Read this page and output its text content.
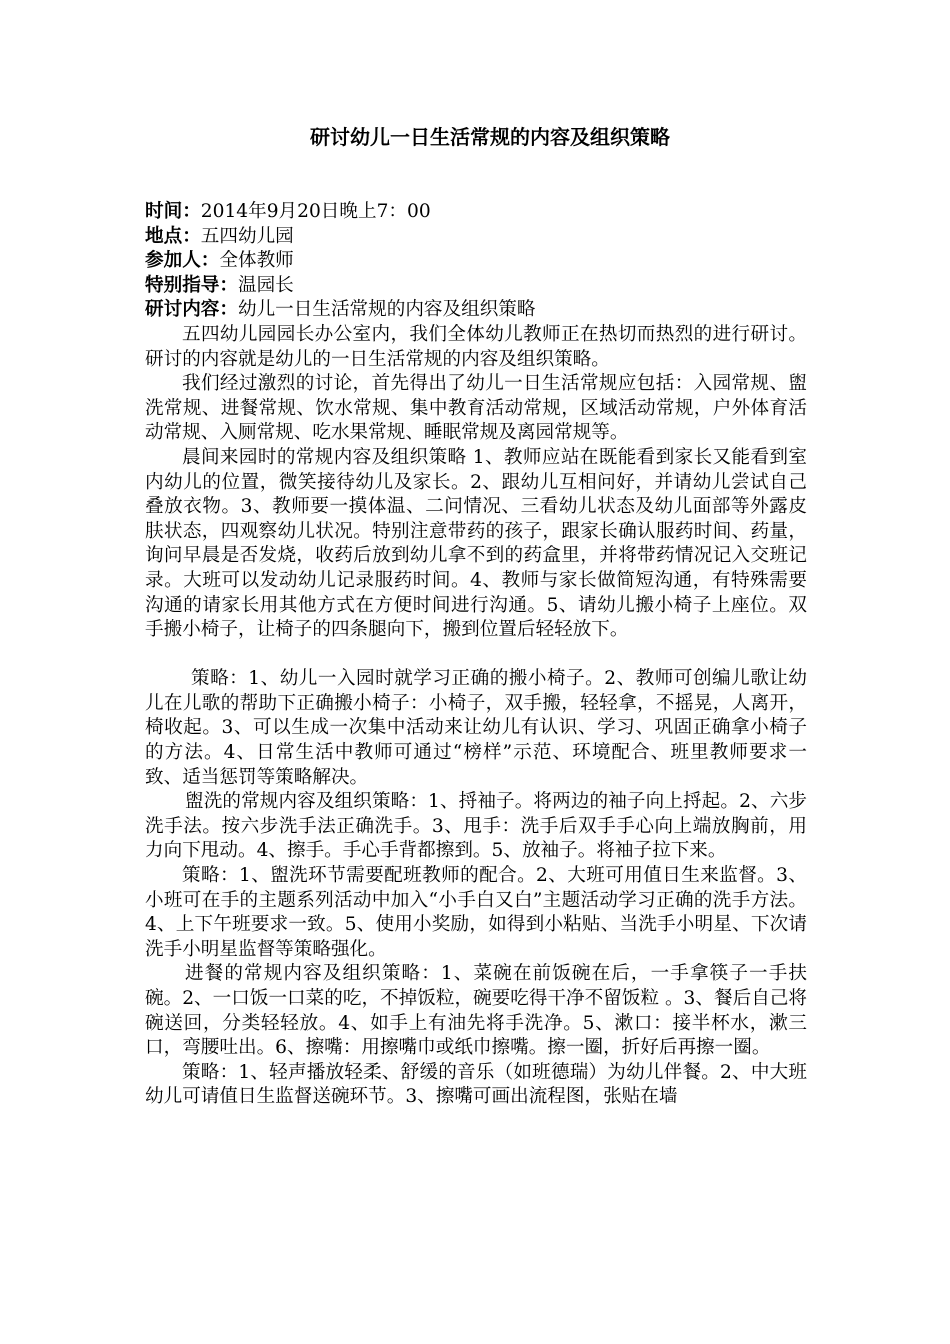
研讨幼儿一日生活常规的内容及组织策略

时间：2014年9月20日晚上7：00

地点：五四幼儿园

参加人：全体教师

特别指导：温园长

研讨内容：幼儿一日生活常规的内容及组织策略

五四幼儿园园长办公室内，我们全体幼儿教师正在热切而热烈的进行研讨。研讨的内容就是幼儿的一日生活常规的内容及组织策略。

我们经过激烈的讨论，首先得出了幼儿一日生活常规应包括：入园常规、盥洗常规、进餐常规、饮水常规、集中教育活动常规，区域活动常规，户外体育活动常规、入厕常规、吃水果常规、睡眠常规及离园常规等。

晨间来园时的常规内容及组织策略 1、教师应站在既能看到家长又能看到室内幼儿的位置，微笑接待幼儿及家长。2、跟幼儿互相问好，并请幼儿尝试自己叠放衣物。3、教师要一摸体温、二问情况、三看幼儿状态及幼儿面部等外露皮肤状态，四观察幼儿状况。特别注意带药的孩子，跟家长确认服药时间、药量，询问早晨是否发烧，收药后放到幼儿拿不到的药盒里，并将带药情况记入交班记录。大班可以发动幼儿记录服药时间。4、教师与家长做简短沟通，有特殊需要沟通的请家长用其他方式在方便时间进行沟通。5、请幼儿搬小椅子上座位。双手搬小椅子，让椅子的四条腿向下，搬到位置后轻轻放下。

策略：1、幼儿一入园时就学习正确的搬小椅子。2、教师可创编儿歌让幼儿在儿歌的帮助下正确搬小椅子：小椅子，双手搬，轻轻拿，不摇晃，人离开，椅收起。3、可以生成一次集中活动来让幼儿有认识、学习、巩固正确拿小椅子的方法。4、日常生活中教师可通过“榜样”示范、环境配合、班里教师要求一致、适当惩罚等策略解决。

盥洗的常规内容及组织策略：1、捋袖子。将两边的袖子向上捋起。2、六步洗手法。按六步洗手法正确洗手。3、甩手：洗手后双手手心向上端放胸前，用力向下甩动。4、擦手。手心手背都擦到。5、放袖子。将袖子拉下来。

策略：1、盥洗环节需要配班教师的配合。2、大班可用值日生来监督。3、小班可在手的主题系列活动中加入“小手白又白”主题活动学习正确的洗手方法。4、上下午班要求一致。5、使用小奖励，如得到小粘贴、当洗手小明星、下次请洗手小明星监督等策略强化。

进餐的常规内容及组织策略：1、菜碗在前饭碗在后，一手拿筷子一手扶碗。2、一口饭一口菜的吃，不掉饭粒，碗要吃得干净不留饭粒 。3、餐后自己将碗送回，分类轻轻放。4、如手上有油先将手洗净。5、漱口：接半杯水，漱三口，弯腰吐出。6、擦嘴：用擦嘴巾或纸巾擦嘴。擦一圈，折好后再擦一圈。

策略：1、轻声播放轻柔、舒缓的音乐（如班德瑞）为幼儿伴餐。2、中大班幼儿可请值日生监督送碗环节。3、擦嘴可画出流程图，张贴在墙
